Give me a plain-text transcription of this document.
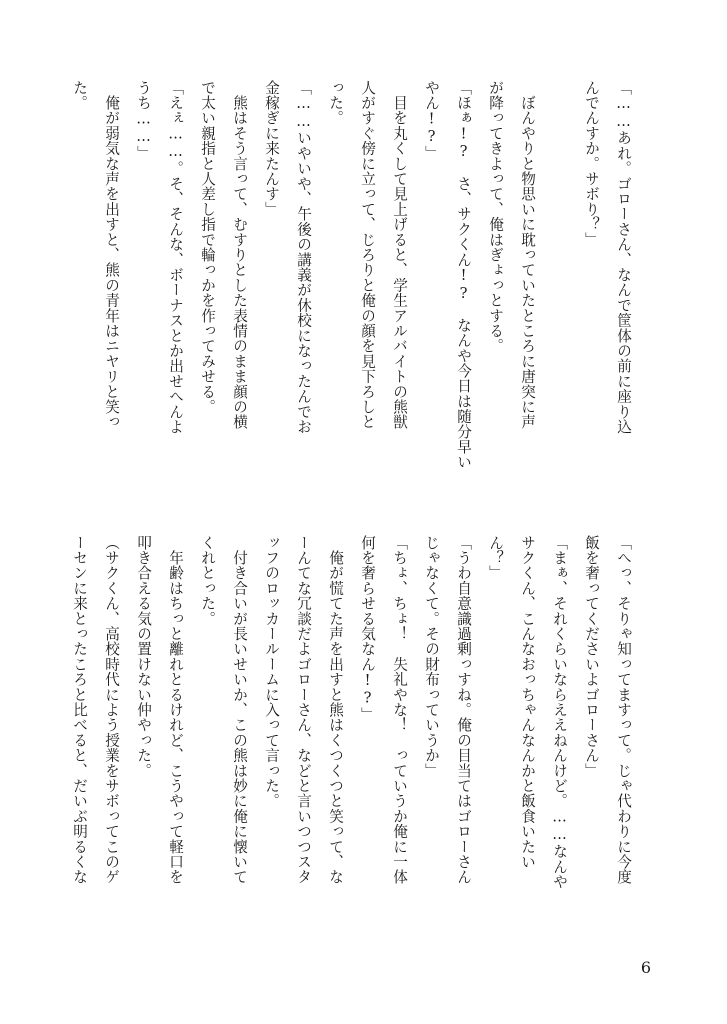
「……あれ。ゴローさん、なんで筐体の前に座り込
んでんすか。サボり？」
　ぼんやりと物思いに耽っていたところに唐突に声
が降ってきよって、俺はぎょっとする。
「ほぁ!?　さ、サクくん!?　なんや今日は随分早い
やん!?」
　目を丸くして見上げると、学生アルバイトの熊獣
人がすぐ傍に立って、じろりと俺の顔を見下ろしと
った。
「……いやいや、午後の講義が休校になったんでお
金稼ぎに来たんす」
　熊はそう言って、むすりとした表情のまま顔の横
で太い親指と人差し指で輪っかを作ってみせる。
「えぇ……。そ、そんな、ボーナスとか出せへんよ
うち……」
　俺が弱気な声を出すと、熊の青年はニヤリと笑っ
た。
「へっ、そりゃ知ってますって。じゃ代わりに今度
飯を奢ってくださいよゴローさん」
「まぁ、それくらいならええねんけど。……なんや
サクくん、こんなおっちゃんなんかと飯食いたい
ん？」
「うわ自意識過剰っすね。俺の目当てはゴローさん
じゃなくて。その財布っていうか」
「ちょ、ちょ！　失礼やな！　っていうか俺に一体
何を奢らせる気なん!?」
　俺が慌てた声を出すと熊はくつくつと笑って、な
ーんてな冗談だよゴローさん、などと言いつつスタ
ッフのロッカールームに入って言った。
　付き合いが長いせいか、この熊は妙に俺に懐いて
くれとった。
　年齢はちっと離れとるけれど、こうやって軽口を
叩き合える気の置けない仲やった。
（サクくん、高校時代によう授業をサボってこのゲ
ーセンに来とったころと比べると、だいぶ明るくな
6
